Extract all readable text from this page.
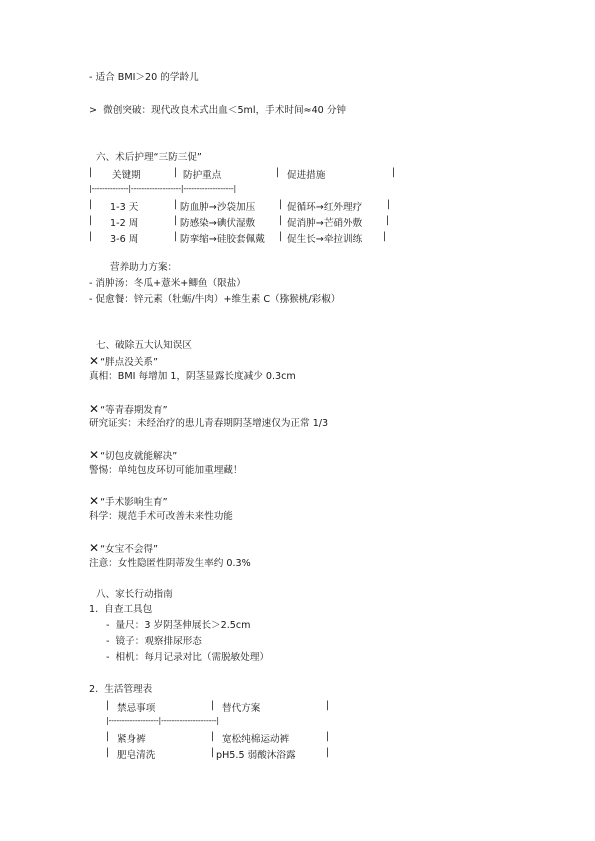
- 适合 BMI＞20 的学龄儿
>  微创突破：现代改良术式出血＜5ml，手术时间≈40 分钟
六、术后护理“三防三促”
| 关键期	| 防护重点	| 促进措施	|
|--------------|-------------------|-------------------|
| 1-3 天	| 防血肿→沙袋加压 | 促循环→红外理疗	|
| 1-2 周	| 防感染→碘伏湿敷 | 促消肿→芒硝外敷 |
| 3-6 周	| 防挛缩→硅胶套佩戴 | 促生长→牵拉训练 |
营养助力方案：
- 消肿汤：冬瓜+薏米+鲫鱼（限盐）
- 促愈餐：锌元素（牡蛎/牛肉）+维生素 C（猕猴桃/彩椒）
七、破除五大认知误区
✕“胖点没关系”
真相：BMI 每增加 1，阴茎显露长度减少 0.3cm
✕“等青春期发育”
研究证实：未经治疗的患儿青春期阴茎增速仅为正常 1/3
✕“切包皮就能解决”
警惕：单纯包皮环切可能加重埋藏！
✕“手术影响生育”
科学：规范手术可改善未来性功能
✕“女宝不会得”
注意：女性隐匿性阴蒂发生率约 0.3%
八、家长行动指南
1.  自查工具包
-  量尺：3 岁阴茎伸展长＞2.5cm
-  镜子：观察排尿形态
-  相机：每月记录对比（需脱敏处理）
2.  生活管理表
| 禁忌事项	| 替代方案	|
|-------------------|---------------------|
| 紧身裤	| 宽松纯棉运动裤	|
| 肥皂清洗	| pH5.5 弱酸沐浴露	|
